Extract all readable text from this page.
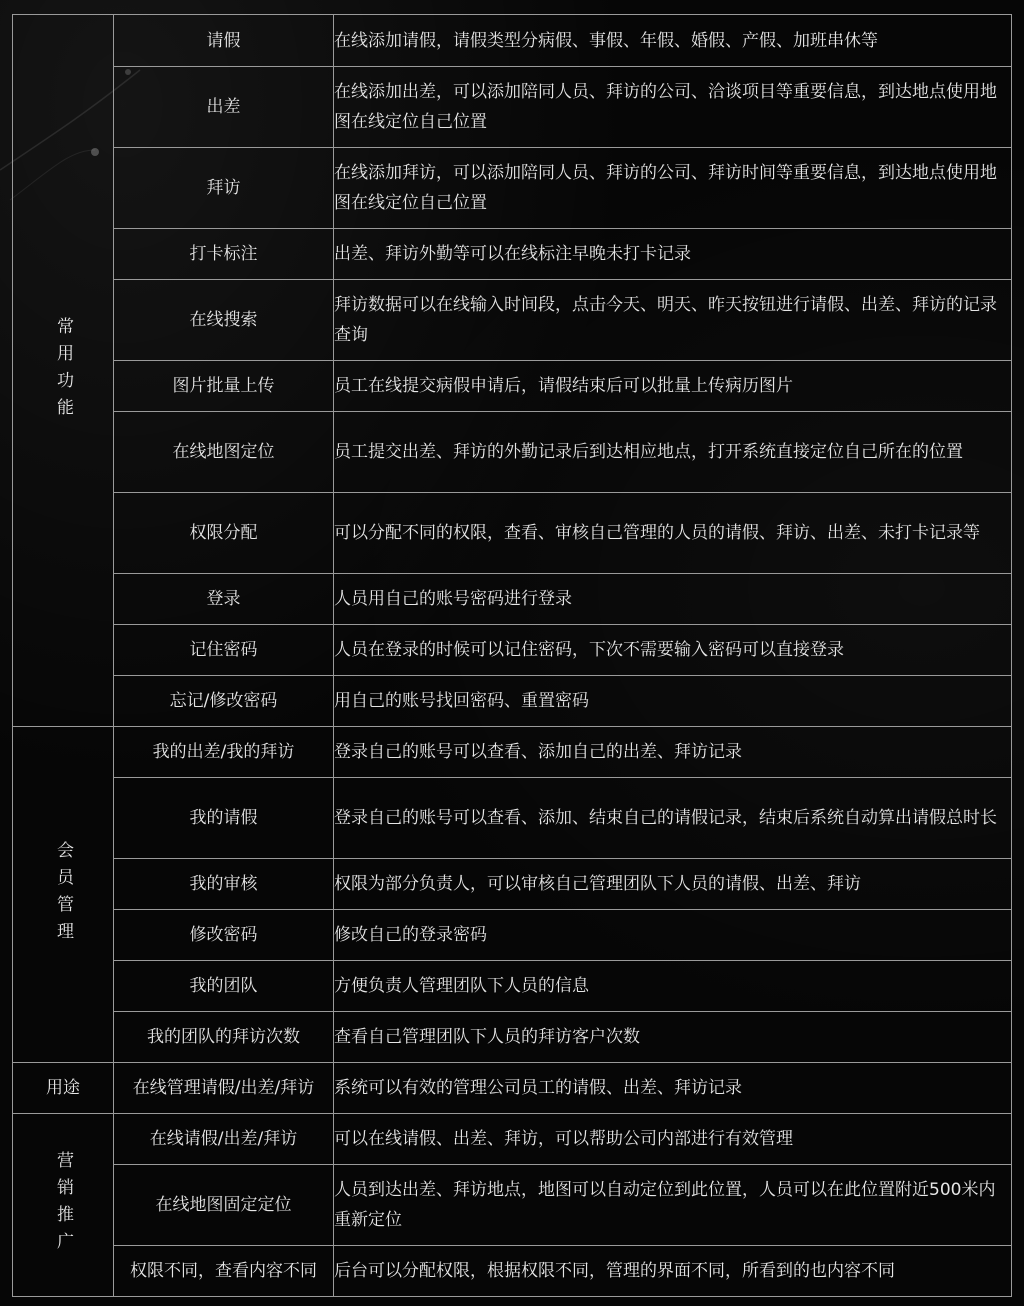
常用功能	请假	在线添加请假，请假类型分病假、事假、年假、婚假、产假、加班串休等
	出差	在线添加出差，可以添加陪同人员、拜访的公司、洽谈项目等重要信息，到达地点使用地图在线定位自己位置
	拜访	在线添加拜访，可以添加陪同人员、拜访的公司、拜访时间等重要信息，到达地点使用地图在线定位自己位置
	打卡标注	出差、拜访外勤等可以在线标注早晚未打卡记录
	在线搜索	拜访数据可以在线输入时间段，点击今天、明天、昨天按钮进行请假、出差、拜访的记录查询
	图片批量上传	员工在线提交病假申请后，请假结束后可以批量上传病历图片
	在线地图定位	员工提交出差、拜访的外勤记录后到达相应地点，打开系统直接定位自己所在的位置
	权限分配	可以分配不同的权限，查看、审核自己管理的人员的请假、拜访、出差、未打卡记录等
	登录	人员用自己的账号密码进行登录
	记住密码	人员在登录的时候可以记住密码，下次不需要输入密码可以直接登录
	忘记/修改密码	用自己的账号找回密码、重置密码
会员管理	我的出差/我的拜访	登录自己的账号可以查看、添加自己的出差、拜访记录
	我的请假	登录自己的账号可以查看、添加、结束自己的请假记录，结束后系统自动算出请假总时长
	我的审核	权限为部分负责人，可以审核自己管理团队下人员的请假、出差、拜访
	修改密码	修改自己的登录密码
	我的团队	方便负责人管理团队下人员的信息
	我的团队的拜访次数	查看自己管理团队下人员的拜访客户次数
用途	在线管理请假/出差/拜访	系统可以有效的管理公司员工的请假、出差、拜访记录
营销推广	在线请假/出差/拜访	可以在线请假、出差、拜访，可以帮助公司内部进行有效管理
	在线地图固定定位	人员到达出差、拜访地点，地图可以自动定位到此位置，人员可以在此位置附近500米内重新定位
	权限不同，查看内容不同	后台可以分配权限，根据权限不同，管理的界面不同，所看到的也内容不同
